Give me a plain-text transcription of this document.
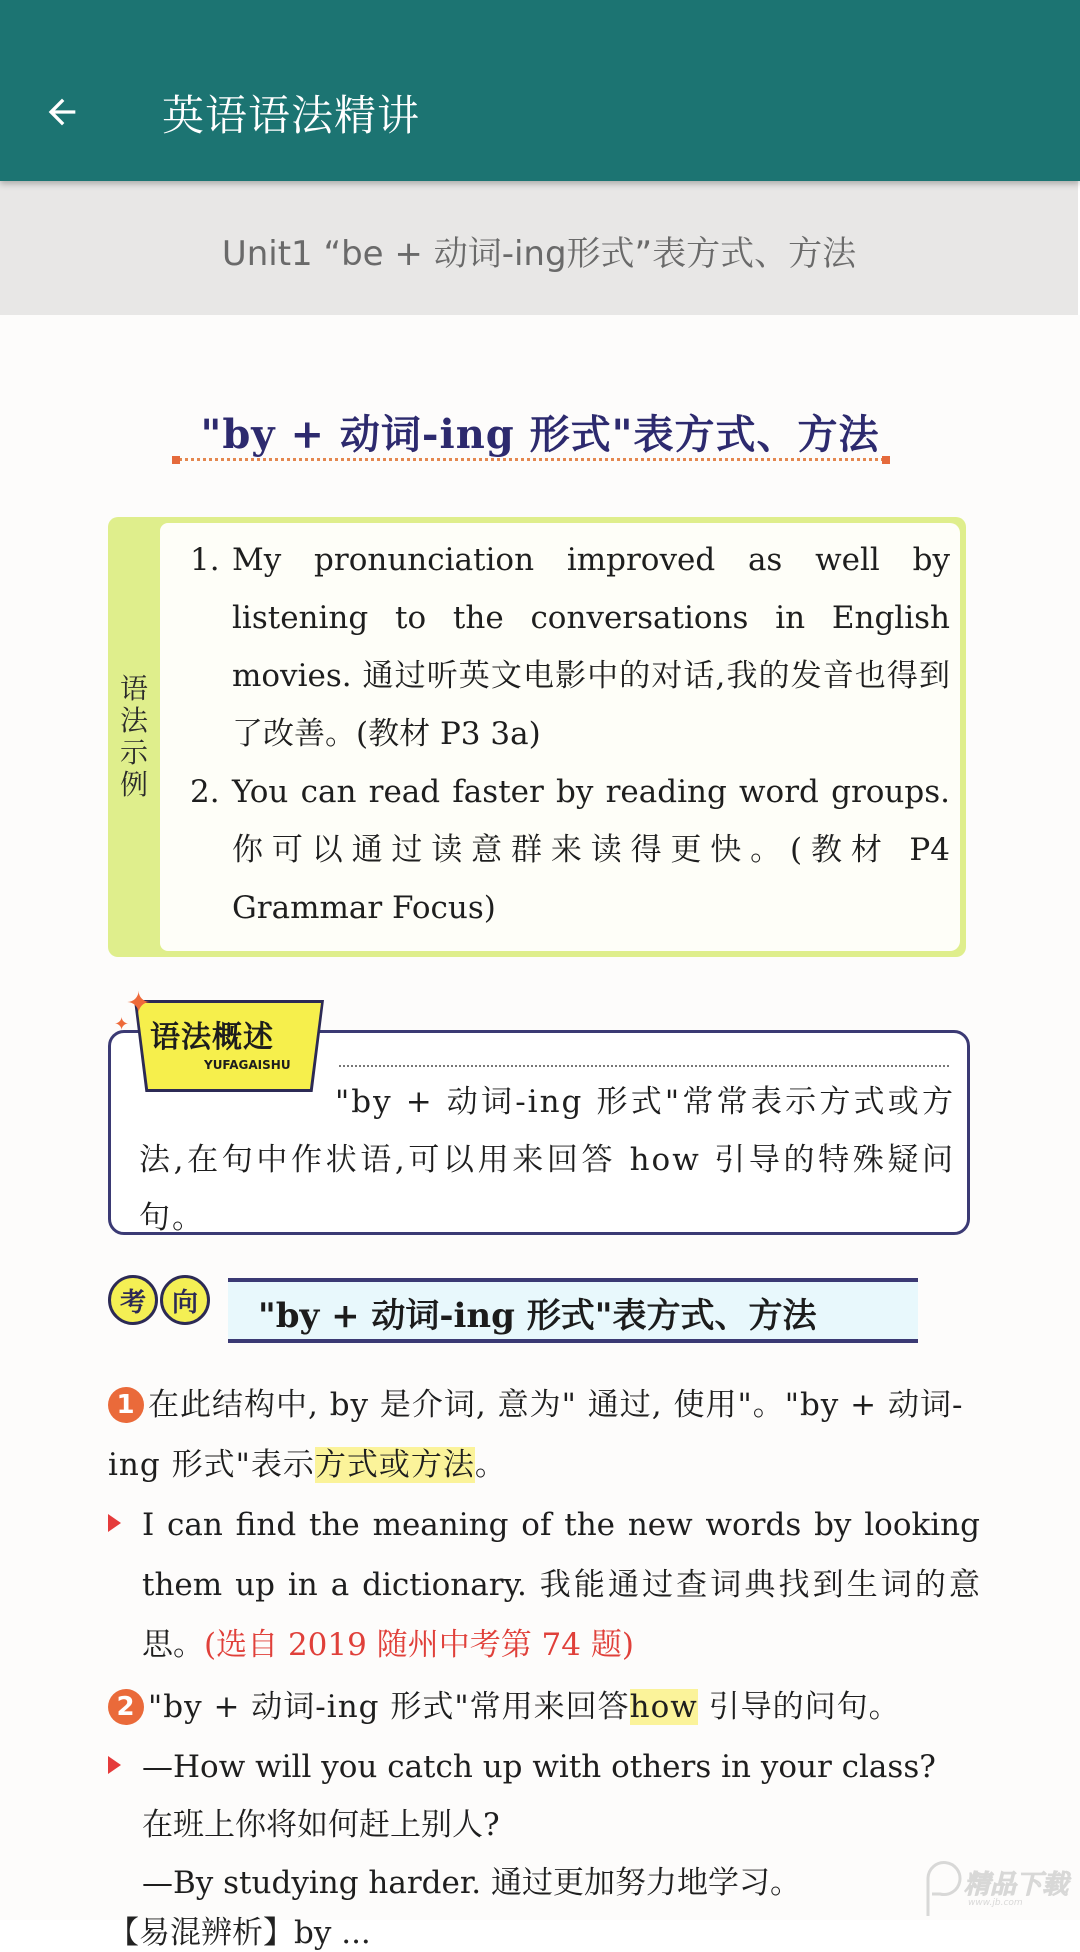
英语语法精讲
Unit1 “be + 动词-ing形式”表方式、方法
"by + 动词-ing 形式"表方式、方法
语
法
示
例
1. My pronunciation improved as well by listening to the conversations in English movies. 通过听英文电影中的对话,我的发音也得到了改善。(教材 P3 3a)
2. You can read faster by reading word groups. 你可以通过读意群来读得更快。(教材 P4 Grammar Focus)
"by + 动词-ing 形式"常常表示方式或方法,在句中作状语,可以用来回答 how 引导的特殊疑问句。
语法概述
YUFAGAISHU
✦
✦
考 向	"by + 动词-ing 形式"表方式、方法
1 在此结构中, by 是介词, 意为" 通过, 使用"。"by + 动词-ing 形式"表示方式或方法。
I can find the meaning of the new words by looking them up in a dictionary. 我能通过查词典找到生词的意思。(选自 2019 随州中考第 74 题)
2 "by + 动词-ing 形式"常用来回答how 引导的问句。
—How will you catch up with others in your class?
在班上你将如何赶上别人?
—By studying harder. 通过更加努力地学习。
【易混辨析】by ...
精品下载
www.jb.com
